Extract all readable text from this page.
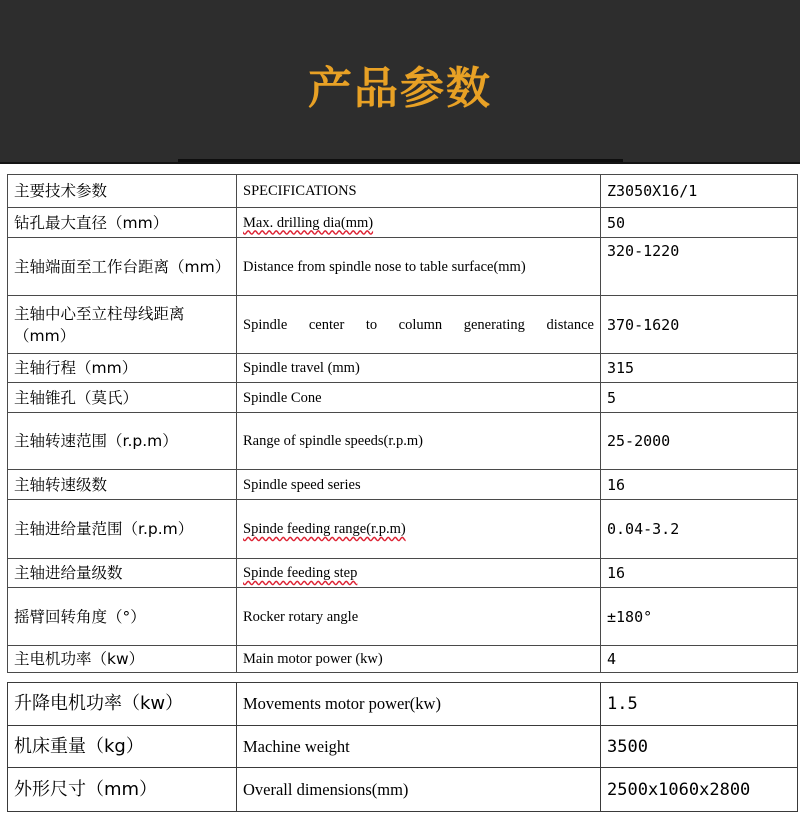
产品参数
主要技术参数	SPECIFICATIONS	Z3050X16/1
钻孔最大直径（mm）	Max. drilling dia(mm)	50
主轴端面至工作台距离（mm）	Distance from spindle nose to table surface(mm)	320-1220
主轴中心至立柱母线距离（mm）	Spindle center to column generating distance	370-1620
主轴行程（mm）	Spindle travel (mm)	315
主轴锥孔（莫氏）	Spindle Cone	5
主轴转速范围（r.p.m）	Range of spindle speeds(r.p.m)	25-2000
主轴转速级数	Spindle speed series	16
主轴进给量范围（r.p.m）	Spinde feeding range(r.p.m)	0.04-3.2
主轴进给量级数	Spinde feeding step	16
摇臂回转角度（°）	Rocker rotary angle	±180°
主电机功率（kw）	Main motor power (kw)	4
升降电机功率（kw）	Movements motor power(kw)	1.5
机床重量（kg）	Machine weight	3500
外形尺寸（mm）	Overall dimensions(mm)	2500x1060x2800
